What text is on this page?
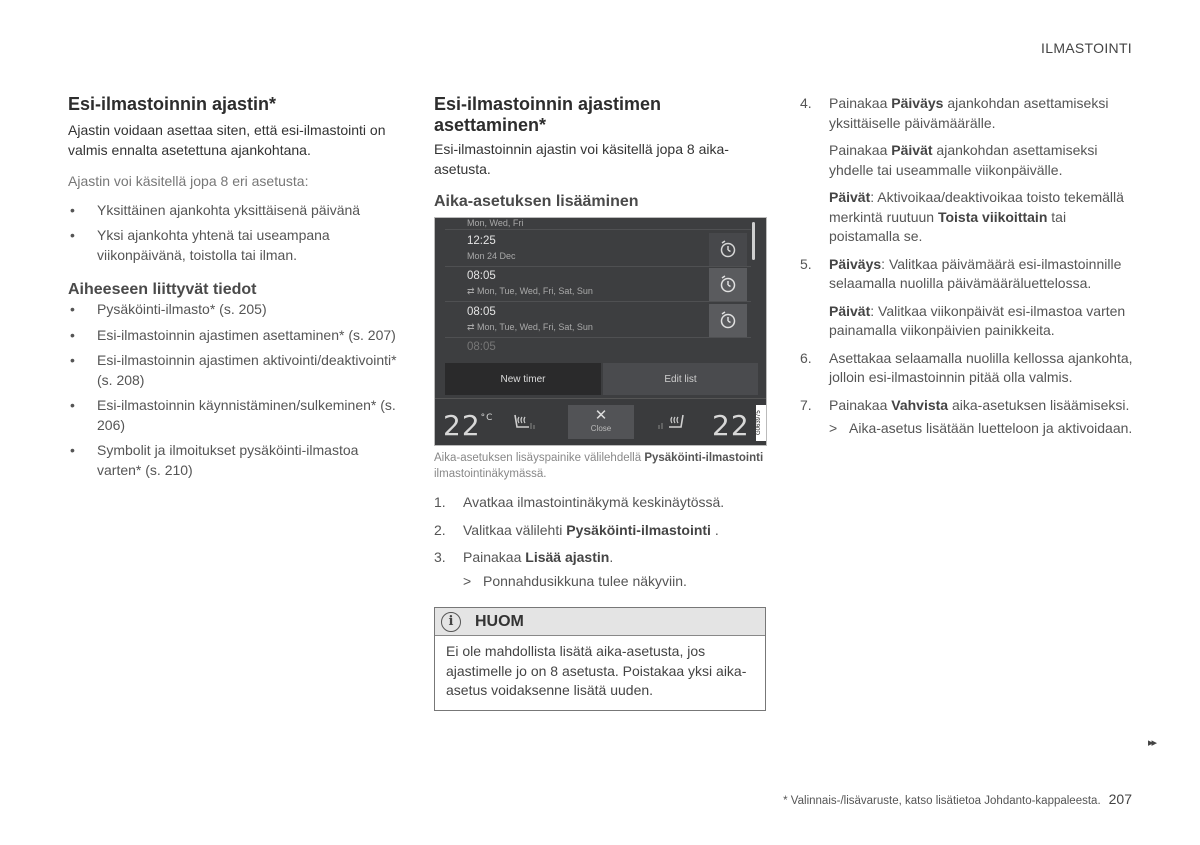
ILMASTOINTI
Esi-ilmastoinnin ajastin*

Ajastin voidaan asettaa siten, että esi-ilmastointi on valmis ennalta asetettuna ajankohtana.

Ajastin voi käsitellä jopa 8 eri asetusta:

• Yksittäinen ajankohta yksittäisenä päivänä
• Yksi ajankohta yhtenä tai useampana viikonpäivänä, toistolla tai ilman.
Aiheeseen liittyvät tiedot
• Pysäköinti-ilmasto* (s. 205)
• Esi-ilmastoinnin ajastimen asettaminen* (s. 207)
• Esi-ilmastoinnin ajastimen aktivointi/deaktivointi* (s. 208)
• Esi-ilmastoinnin käynnistäminen/sulkeminen* (s. 206)
• Symbolit ja ilmoitukset pysäköinti-ilmastoa varten* (s. 210)
Esi-ilmastoinnin ajastimen
asettaminen*

Esi-ilmastoinnin ajastin voi käsitellä jopa 8 aika-asetusta.

Aika-asetuksen lisääminen
Mon, Wed, Fri
12:25
Mon 24 Dec
08:05
⇄ Mon, Tue, Wed, Fri, Sat, Sun
08:05
⇄ Mon, Tue, Wed, Fri, Sat, Sun
08:05
New timer	Edit list
$22^{^\circ C}$	✕
Close	22 G063975

Aika-asetuksen lisäyspainike välilehdellä Pysäköinti-ilmastointi ilmastointinäkymässä.

1. Avatkaa ilmastointinäkymä keskinäytössä.
2. Valitkaa välilehti Pysäköinti-ilmastointi .
3. Painakaa Lisää ajastin.
> Ponnahdusikkuna tulee näkyviin.
i	HUOM
Ei ole mahdollista lisätä aika-asetusta, jos ajastimelle jo on 8 asetusta. Poistakaa yksi aika-asetus voidaksenne lisätä uuden.
4. Painakaa Päiväys ajankohdan asettamiseksi yksittäiselle päivämäärälle.

Painakaa Päivät ajankohdan asettamiseksi yhdelle tai useammalle viikonpäivälle.

Päivät: Aktivoikaa/deaktivoikaa toisto tekemällä merkintä ruutuun Toista viikoittain tai poistamalla se.

5. Päiväys: Valitkaa päivämäärä esi-ilmastoinnille selaamalla nuolilla päivämääräluettelossa.

Päivät: Valitkaa viikonpäivät esi-ilmastoa varten painamalla viikonpäivien painikkeita.

6. Asettakaa selaamalla nuolilla kellossa ajankohta, jolloin esi-ilmastoinnin pitää olla valmis.
7. Painakaa Vahvista aika-asetuksen lisäämiseksi.
> Aika-asetus lisätään luetteloon ja aktivoidaan.
▸▸
* Valinnais-/lisävaruste, katso lisätietoa Johdanto-kappaleesta. 207
